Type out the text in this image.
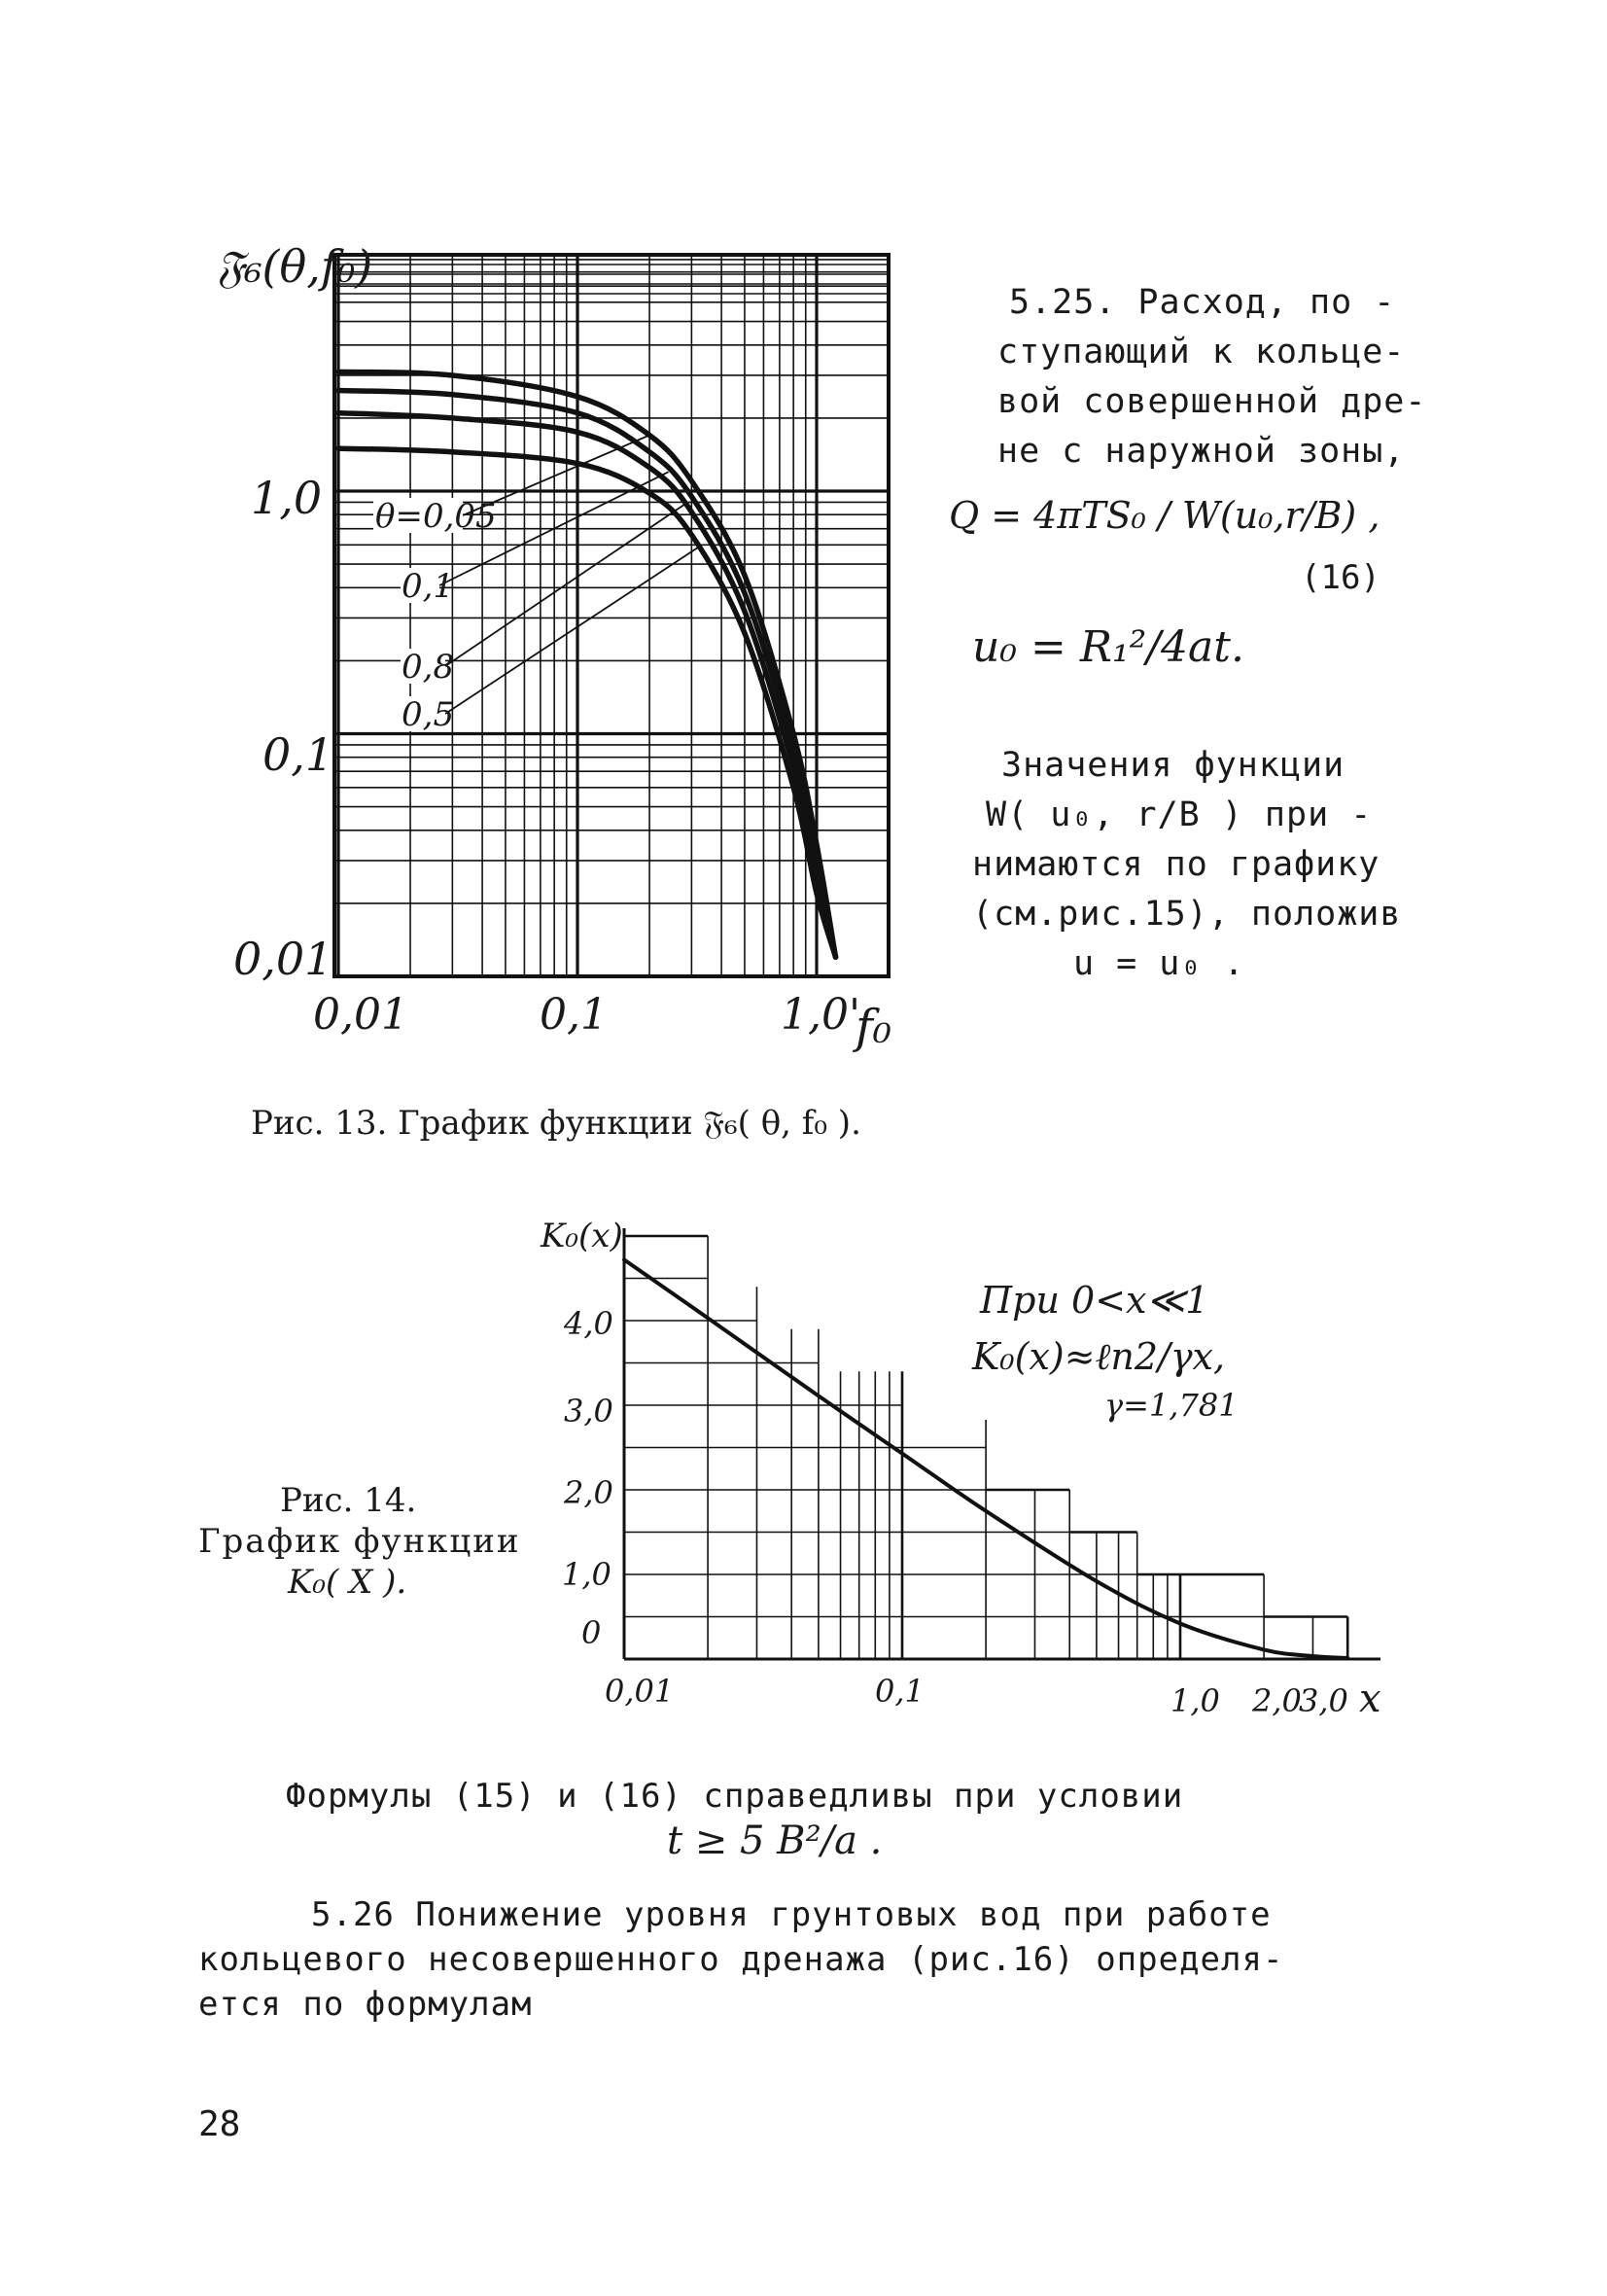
𝔉₆(θ,f₀)
1,0
0,1
0,01
0,01	0,1	1,0'
f₀
θ=0,05
0,1
0,8
0,5

5.25. Расход, по -

ступающий к кольце-

вой совершенной дре-

не с наружной зоны,

Q = 4πTS₀ / W(u₀,r/B) ,
(16)
u₀ = R₁²/4at.

Значения функции

W( u₀, r/B ) при -

нимаются по графику

(см.рис.15), положив

u = u₀ .

Рис. 13. График функции 𝔉₆( θ, f₀ ).
K₀(x)
4,0
3,0
2,0
1,0
0
0,01	0,1	1,0 2,0
3,0 x
При 0<x≪1
K₀(x)≈ℓn2/γx,
γ=1,781
Рис. 14.
График функции
K₀( X ).
Формулы (15) и (16) справедливы при условии
t ≥ 5 B²/a .
5.26 Понижение уровня грунтовых вод при работе
кольцевого несовершенного дренажа (рис.16) определя-
ется по формулам
28
